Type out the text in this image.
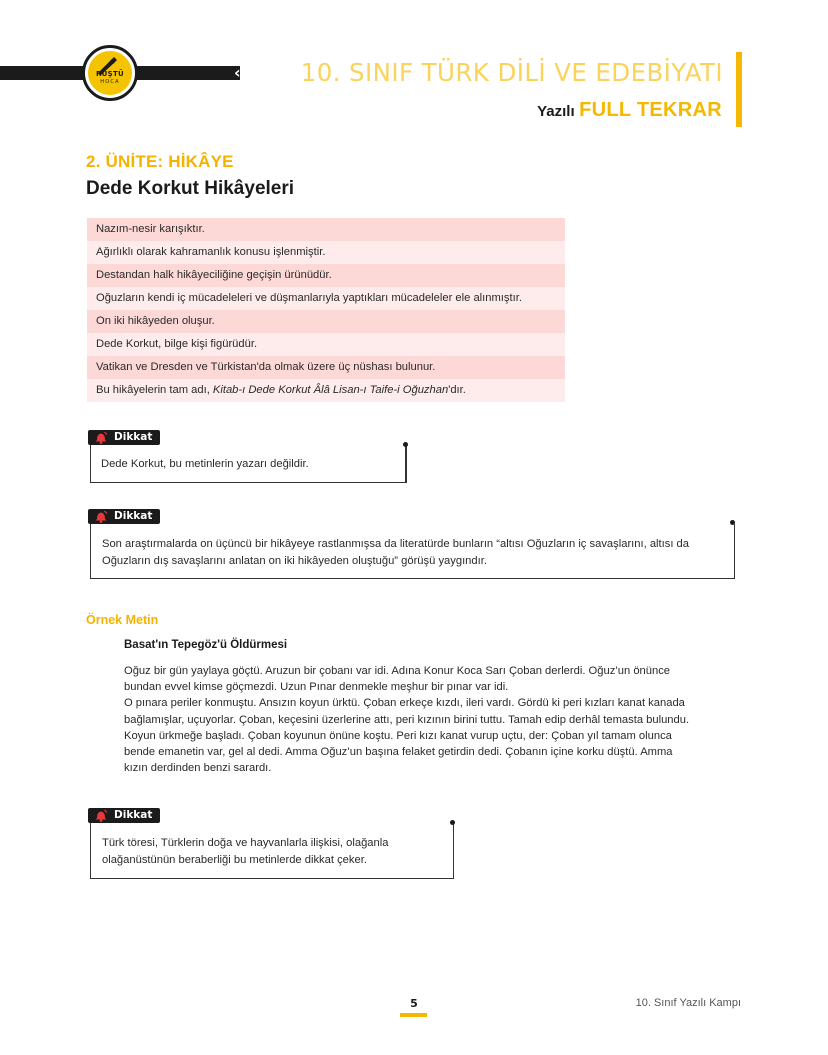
‹
RÜŞTÜ
HOCA	10. SINIF TÜRK DİLİ VE EDEBİYATI
Yazılı FULL TEKRAR
2. ÜNİTE: HİKÂYE
Dede Korkut Hikâyeleri
Nazım-nesir karışıktır.
Ağırlıklı olarak kahramanlık konusu işlenmiştir.
Destandan halk hikâyeciliğine geçişin ürünüdür.
Oğuzların kendi iç mücadeleleri ve düşmanlarıyla yaptıkları mücadeleler ele alınmıştır.
On iki hikâyeden oluşur.
Dede Korkut, bilge kişi figürüdür.
Vatikan ve Dresden ve Türkistan'da olmak üzere üç nüshası bulunur.
Bu hikâyelerin tam adı, Kitab-ı Dede Korkut Âlâ Lisan-ı Taife-i Oğuzhan'dır.
Dikkat
Dede Korkut, bu metinlerin yazarı değildir.
Dikkat
Son araştırmalarda on üçüncü bir hikâyeye rastlanmışsa da literatürde bunların “altısı Oğuzların iç savaşlarını, altısı da Oğuzların dış savaşlarını anlatan on iki hikâyeden oluştuğu” görüşü yaygındır.
Örnek Metin
Basat'ın Tepegöz'ü Öldürmesi

Oğuz bir gün yaylaya göçtü. Aruzun bir çobanı var idi. Adına Konur Koca Sarı Çoban derlerdi. Oğuz’un önünce bundan evvel kimse göçmezdi. Uzun Pınar denmekle meşhur bir pınar var idi.

O pınara periler konmuştu. Ansızın koyun ürktü. Çoban erkeçe kızdı, ileri vardı. Gördü ki peri kızları kanat kanada bağlamışlar, uçuyorlar. Çoban, keçesini üzerlerine attı, peri kızının birini tuttu. Tamah edip derhâl temasta bulundu. Koyun ürkmeğe başladı. Çoban koyunun önüne koştu. Peri kızı kanat vurup uçtu, der: Çoban yıl tamam olunca bende emanetin var, gel al dedi. Amma Oğuz’un başına felaket getirdin dedi. Çobanın içine korku düştü. Amma kızın derdinden benzi sarardı.

Dikkat
Türk töresi, Türklerin doğa ve hayvanlarla ilişkisi, olağanla olağanüstünün beraberliği bu metinlerde dikkat çeker.
5	10. Sınıf Yazılı Kampı
